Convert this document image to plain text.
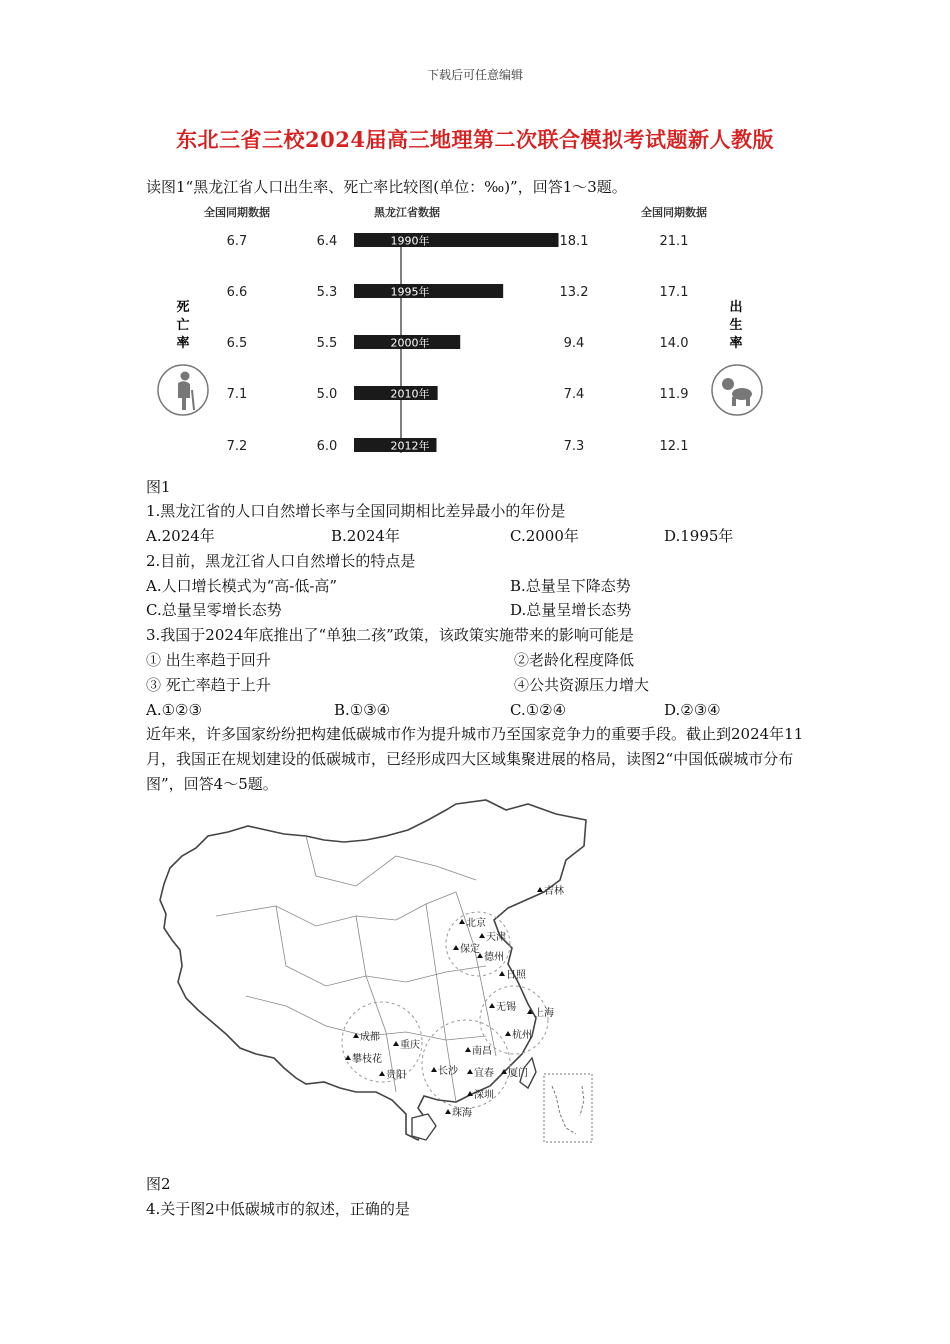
下载后可任意编辑
东北三省三校2024届高三地理第二次联合模拟考试题新人教版
读图1“黑龙江省人口出生率、死亡率比较图(单位：‰)”，回答1～3题。
全国同期数据	黑龙江省数据	全国同期数据
死
亡
率
出
生
率
6.7	6.4	1990年	18.1	21.1
6.6	5.3	1995年	13.2	17.1
6.5	5.5	2000年	9.4	14.0
7.1	5.0	2010年	7.4	11.9
7.2	6.0	2012年	7.3	12.1
图1
1.黑龙江省的人口自然增长率与全国同期相比差异最小的年份是
A.2024年	B.2024年	C.2000年	D.1995年
2.目前，黑龙江省人口自然增长的特点是
A.人口增长模式为“高-低-高”	B.总量呈下降态势
C.总量呈零增长态势	D.总量呈增长态势
3.我国于2024年底推出了“单独二孩”政策，该政策实施带来的影响可能是
① 出生率趋于回升	②老龄化程度降低
③ 死亡率趋于上升	④公共资源压力增大
A.①②③	B.①③④	C.①②④	D.②③④
近年来，许多国家纷纷把构建低碳城市作为提升城市乃至国家竞争力的重要手段。截止到2024年11月，我国正在规划建设的低碳城市，已经形成四大区域集聚进展的格局，读图2“中国低碳城市分布图”，回答4～5题。
吉林
北京
天津
保定
德州
日照
无锡
上海
杭州
成都
重庆
攀枝花
贵阳
南昌
长沙 宜春 厦门
深圳
珠海
图2
4.关于图2中低碳城市的叙述，正确的是
